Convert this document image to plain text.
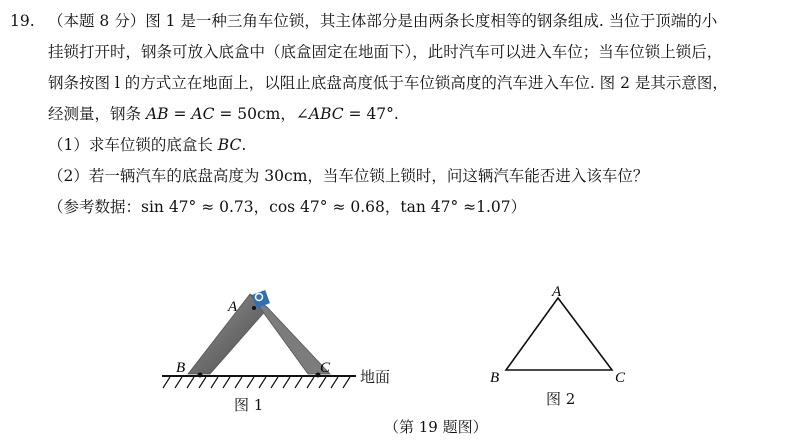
19. （本题 8 分）图 1 是一种三角车位锁，其主体部分是由两条长度相等的钢条组成. 当位于顶端的小
挂锁打开时，钢条可放入底盒中（底盒固定在地面下），此时汽车可以进入车位；当车位锁上锁后，
钢条按图 l 的方式立在地面上，以阻止底盘高度低于车位锁高度的汽车进入车位. 图 2 是其示意图，
经测量，钢条 AB = AC = 50cm，∠ABC = 47°.
（1）求车位锁的底盒长 BC.
（2）若一辆汽车的底盘高度为 30cm，当车位锁上锁时，问这辆汽车能否进入该车位？
（参考数据：sin 47° ≈ 0.73，cos 47° ≈ 0.68，tan 47° ≈1.07）
A
B	C 地面
图 1
A
B	C
图 2
（第 19 题图）
